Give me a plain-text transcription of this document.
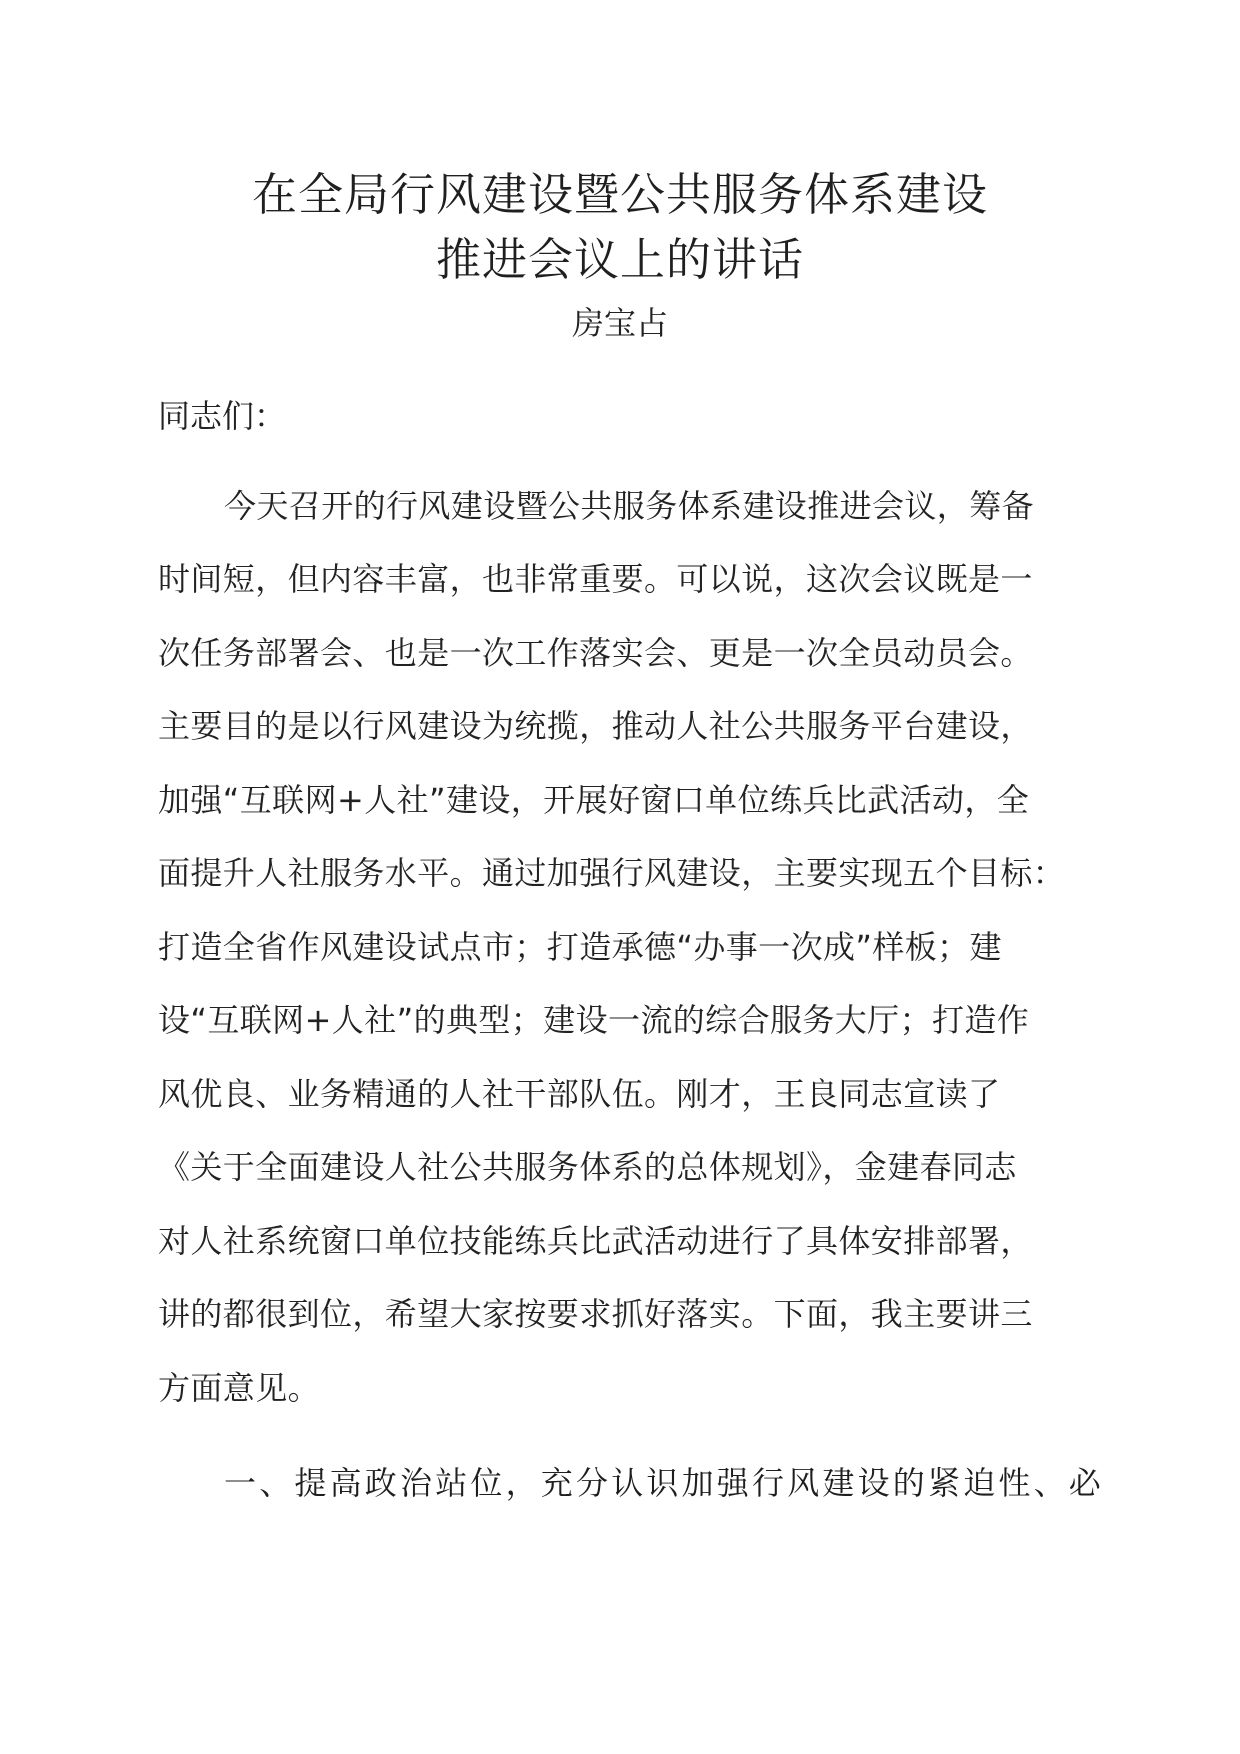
在全局行风建设暨公共服务体系建设
推进会议上的讲话
房宝占
同志们：
今天召开的行风建设暨公共服务体系建设推进会议，筹备
时间短，但内容丰富，也非常重要。可以说，这次会议既是一
次任务部署会、也是一次工作落实会、更是一次全员动员会。
主要目的是以行风建设为统揽，推动人社公共服务平台建设，
加强“互联网+人社”建设，开展好窗口单位练兵比武活动，全
面提升人社服务水平。通过加强行风建设，主要实现五个目标：
打造全省作风建设试点市；打造承德“办事一次成”样板；建
设“互联网+人社”的典型；建设一流的综合服务大厅；打造作
风优良、业务精通的人社干部队伍。刚才，王良同志宣读了
《关于全面建设人社公共服务体系的总体规划》，金建春同志
对人社系统窗口单位技能练兵比武活动进行了具体安排部署，
讲的都很到位，希望大家按要求抓好落实。下面，我主要讲三
方面意见。
一、提高政治站位，充分认识加强行风建设的紧迫性、必
